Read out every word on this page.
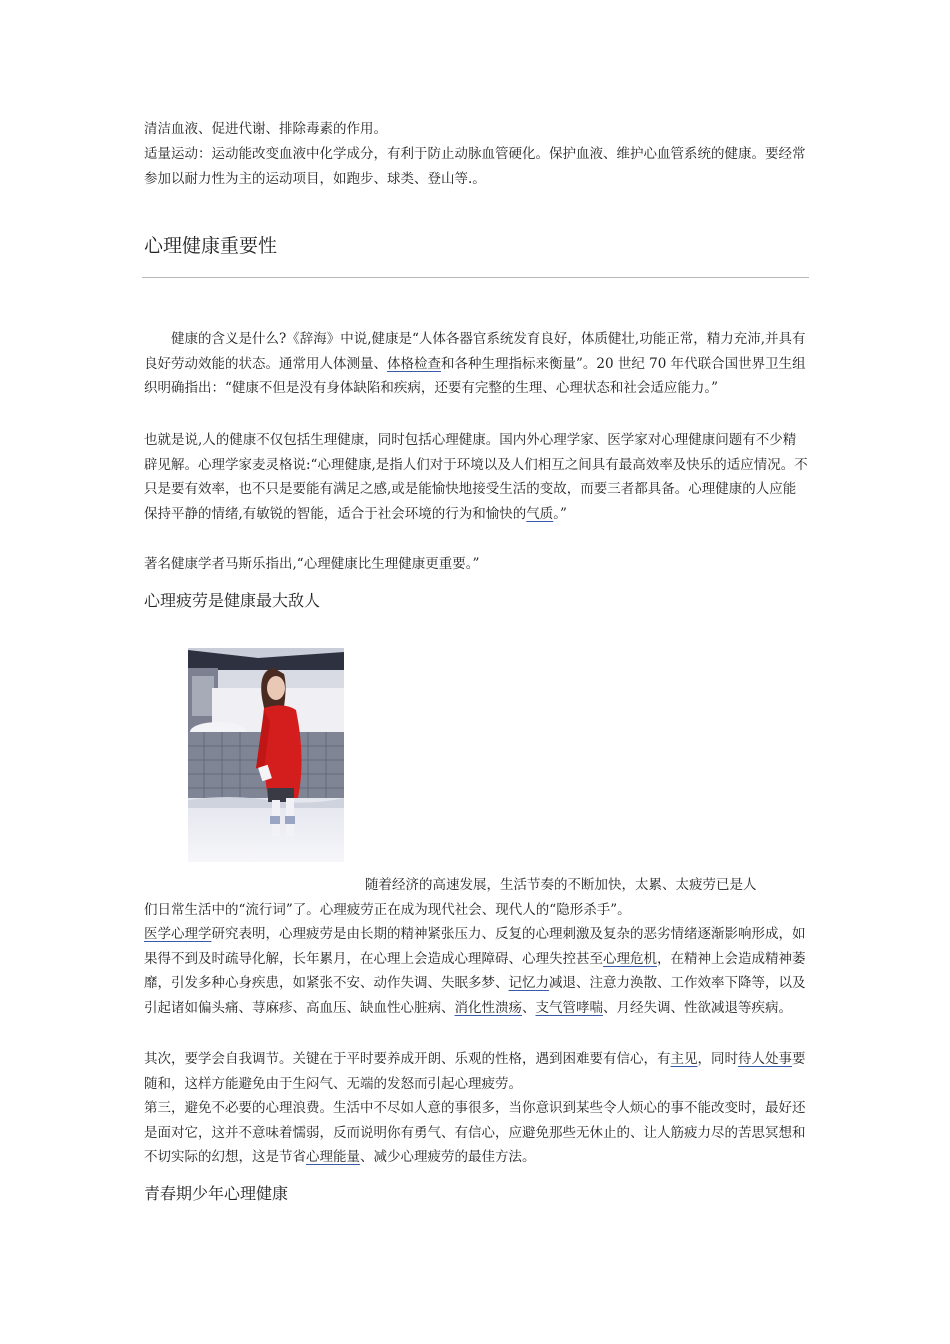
清洁血液、促进代谢、排除毒素的作用。

适量运动：运动能改变血液中化学成分，有利于防止动脉血管硬化。保护血液、维护心血管系统的健康。要经常参加以耐力性为主的运动项目，如跑步、球类、登山等.。

心理健康重要性

健康的含义是什么?《辞海》中说,健康是“人体各器官系统发育良好，体质健壮,功能正常，精力充沛,并具有良好劳动效能的状态。通常用人体测量、体格检查和各种生理指标来衡量”。20 世纪 70 年代联合国世界卫生组织明确指出：“健康不但是没有身体缺陷和疾病，还要有完整的生理、心理状态和社会适应能力。”

也就是说,人的健康不仅包括生理健康，同时包括心理健康。国内外心理学家、医学家对心理健康问题有不少精辟见解。心理学家麦灵格说:“心理健康,是指人们对于环境以及人们相互之间具有最高效率及快乐的适应情况。不只是要有效率，也不只是要能有满足之感,或是能愉快地接受生活的变故，而要三者都具备。心理健康的人应能保持平静的情绪,有敏锐的智能，适合于社会环境的行为和愉快的气质。”

著名健康学者马斯乐指出,“心理健康比生理健康更重要。”

心理疲劳是健康最大敌人

随着经济的高速发展，生活节奏的不断加快，太累、太疲劳已是人
们日常生活中的“流行词”了。心理疲劳正在成为现代社会、现代人的“隐形杀手”。

医学心理学研究表明，心理疲劳是由长期的精神紧张压力、反复的心理刺激及复杂的恶劣情绪逐渐影响形成，如果得不到及时疏导化解，长年累月，在心理上会造成心理障碍、心理失控甚至心理危机，在精神上会造成精神萎靡，引发多种心身疾患，如紧张不安、动作失调、失眠多梦、记忆力减退、注意力涣散、工作效率下降等，以及引起诸如偏头痛、荨麻疹、高血压、缺血性心脏病、消化性溃疡、支气管哮喘、月经失调、性欲减退等疾病。

其次，要学会自我调节。关键在于平时要养成开朗、乐观的性格，遇到困难要有信心，有主见，同时待人处事要随和，这样方能避免由于生闷气、无端的发怒而引起心理疲劳。

第三，避免不必要的心理浪费。生活中不尽如人意的事很多，当你意识到某些令人烦心的事不能改变时，最好还是面对它，这并不意味着懦弱，反而说明你有勇气、有信心，应避免那些无休止的、让人筋疲力尽的苦思冥想和不切实际的幻想，这是节省心理能量、减少心理疲劳的最佳方法。

青春期少年心理健康
